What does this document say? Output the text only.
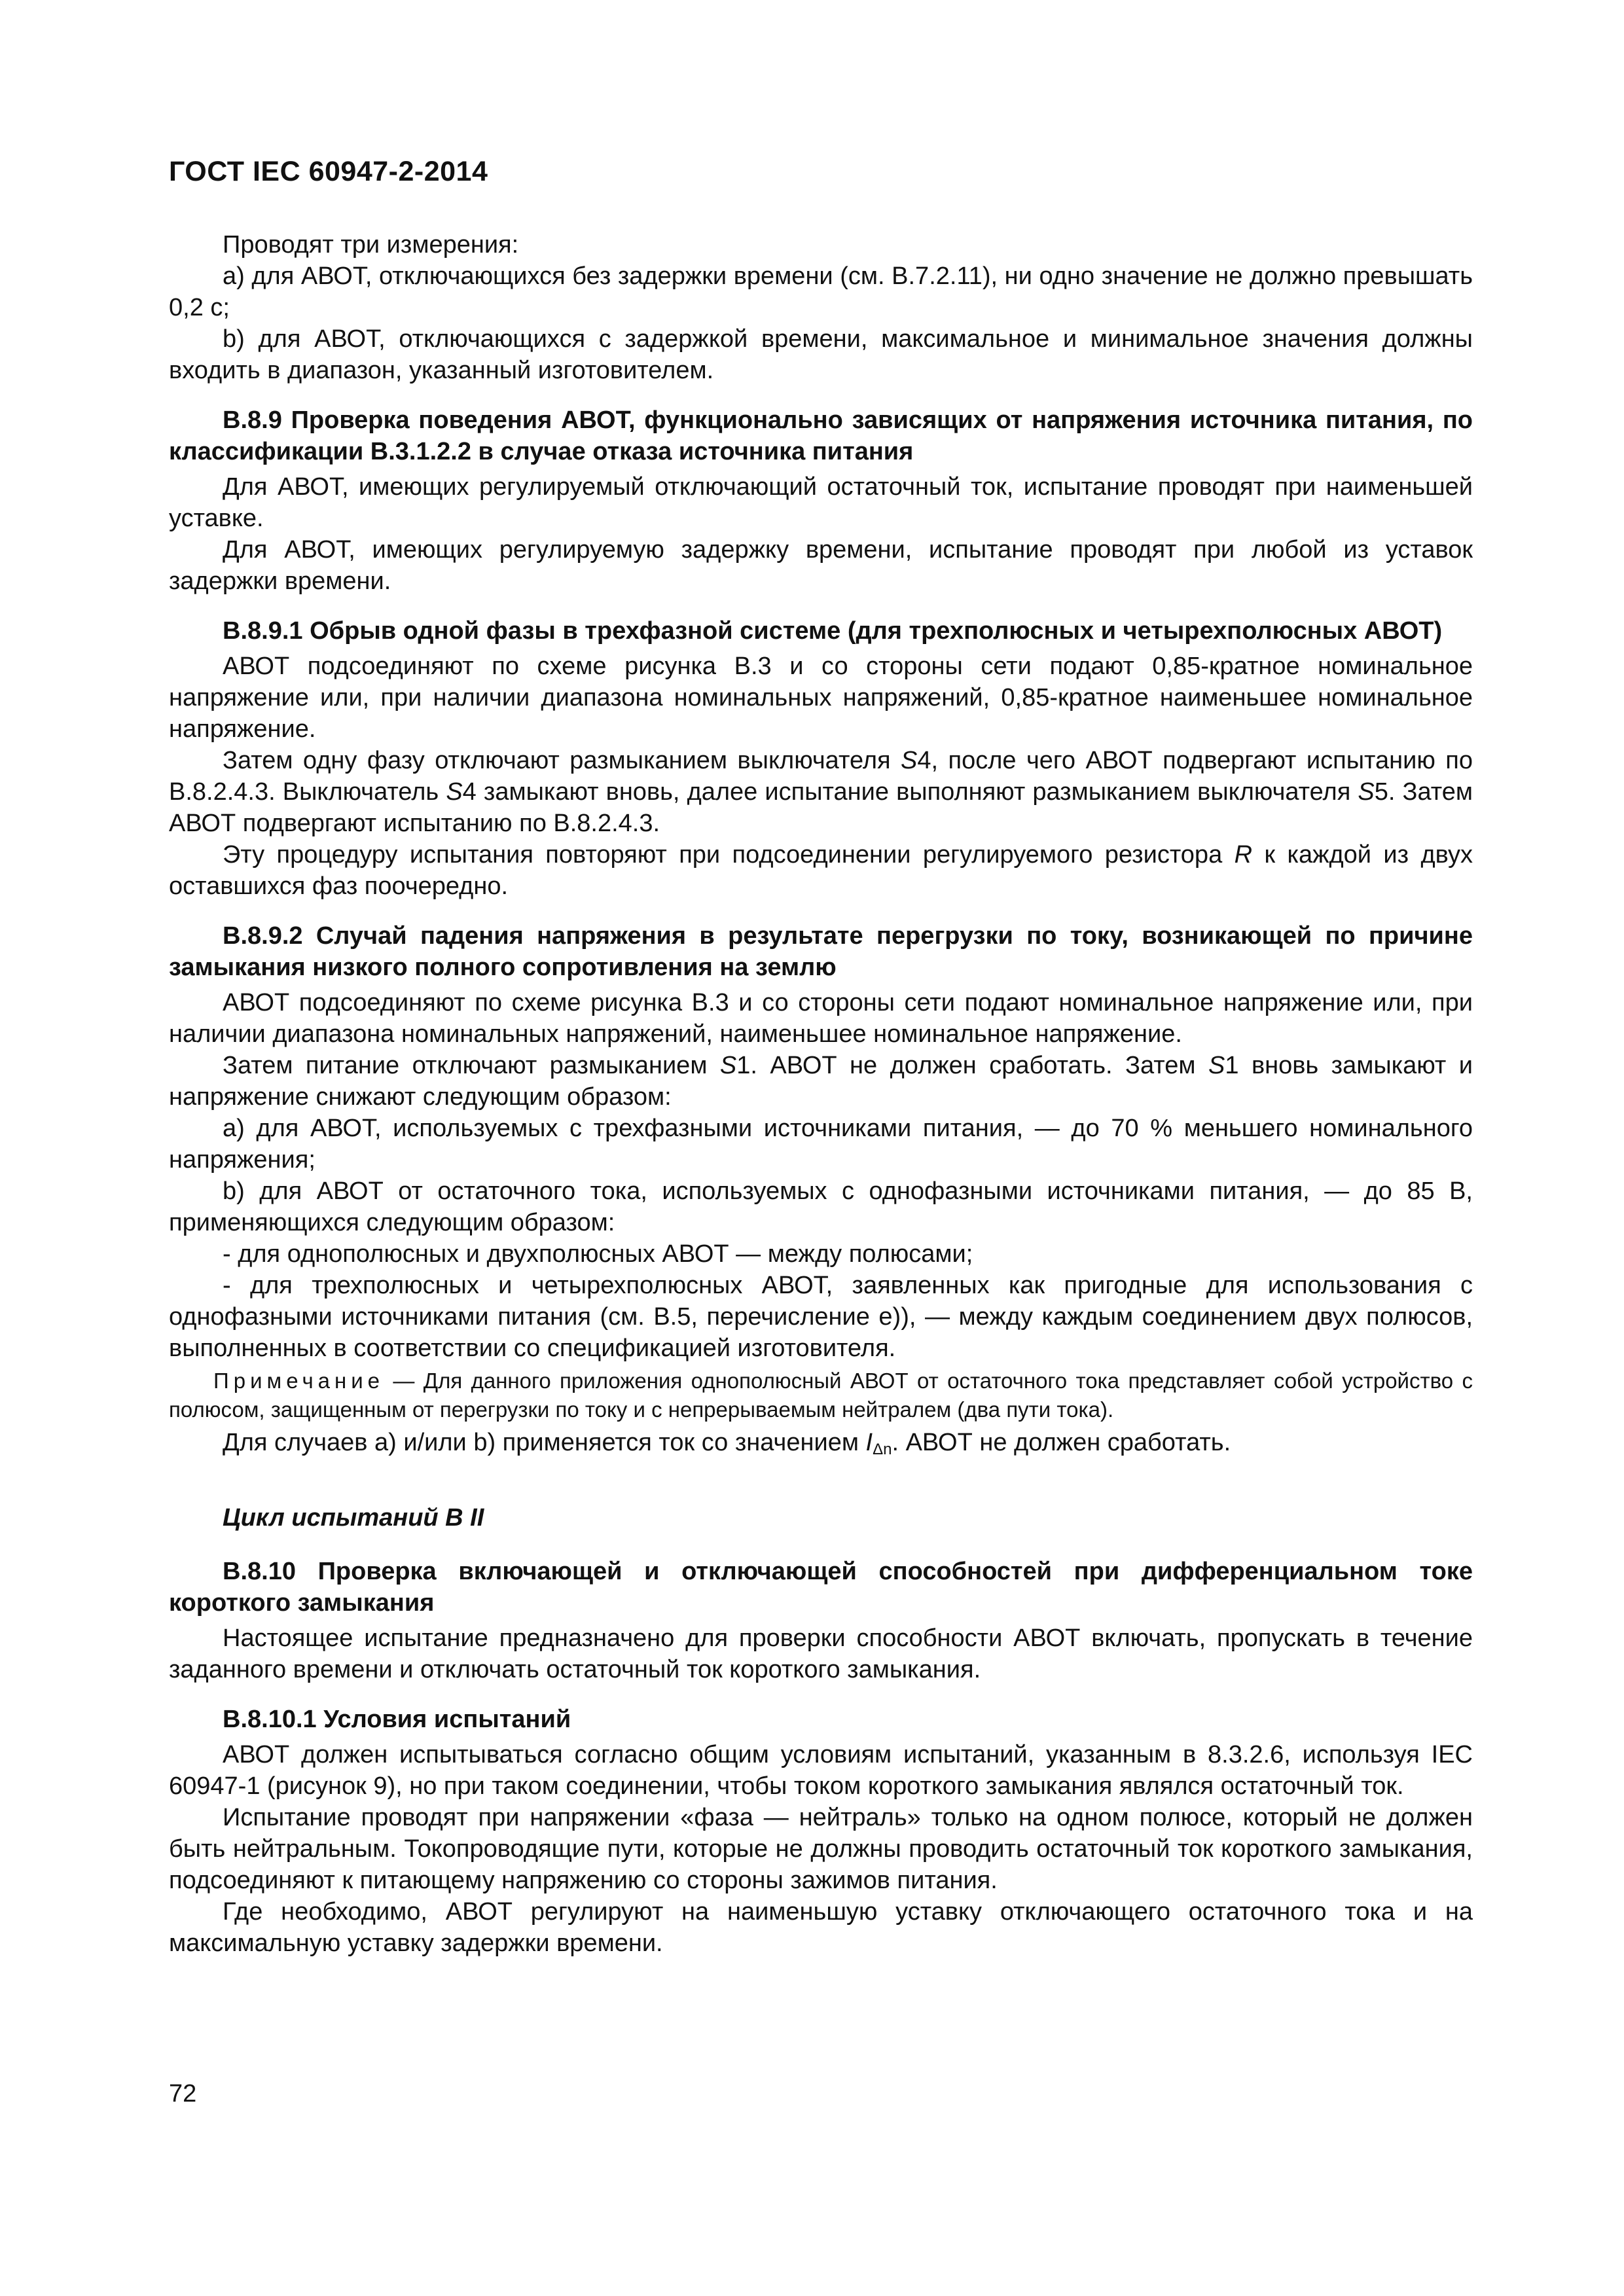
ГОСТ IEC 60947-2-2014

Проводят три измерения:

a) для АВОТ, отключающихся без задержки времени (см. В.7.2.11), ни одно значение не должно превышать 0,2 с;

b) для АВОТ, отключающихся с задержкой времени, максимальное и минимальное значения должны входить в диапазон, указанный изготовителем.

В.8.9 Проверка поведения АВОТ, функционально зависящих от напряжения источника питания, по классификации В.3.1.2.2 в случае отказа источника питания

Для АВОТ, имеющих регулируемый отключающий остаточный ток, испытание проводят при наименьшей уставке.

Для АВОТ, имеющих регулируемую задержку времени, испытание проводят при любой из уставок задержки времени.

В.8.9.1 Обрыв одной фазы в трехфазной системе (для трехполюсных и четырехполюсных АВОТ)

АВОТ подсоединяют по схеме рисунка В.3 и со стороны сети подают 0,85-кратное номинальное напряжение или, при наличии диапазона номинальных напряжений, 0,85-кратное наименьшее номинальное напряжение.

Затем одну фазу отключают размыканием выключателя S4, после чего АВОТ подвергают испытанию по В.8.2.4.3. Выключатель S4 замыкают вновь, далее испытание выполняют размыканием выключателя S5. Затем АВОТ подвергают испытанию по В.8.2.4.3.

Эту процедуру испытания повторяют при подсоединении регулируемого резистора R к каждой из двух оставшихся фаз поочередно.

В.8.9.2 Случай падения напряжения в результате перегрузки по току, возникающей по причине замыкания низкого полного сопротивления на землю

АВОТ подсоединяют по схеме рисунка В.3 и со стороны сети подают номинальное напряжение или, при наличии диапазона номинальных напряжений, наименьшее номинальное напряжение.

Затем питание отключают размыканием S1. АВОТ не должен сработать. Затем S1 вновь замыкают и напряжение снижают следующим образом:

a) для АВОТ, используемых с трехфазными источниками питания, — до 70 % меньшего номинального напряжения;

b) для АВОТ от остаточного тока, используемых с однофазными источниками питания, — до 85 В, применяющихся следующим образом:

- для однополюсных и двухполюсных АВОТ — между полюсами;

- для трехполюсных и четырехполюсных АВОТ, заявленных как пригодные для использования с однофазными источниками питания (см. В.5, перечисление е)), — между каждым соединением двух полюсов, выполненных в соответствии со спецификацией изготовителя.

Примечание — Для данного приложения однополюсный АВОТ от остаточного тока представляет собой устройство с полюсом, защищенным от перегрузки по току и с непрерываемым нейтралем (два пути тока).

Для случаев a) и/или b) применяется ток со значением $I_{\Delta n}$. АВОТ не должен сработать.

Цикл испытаний В II
В.8.10 Проверка включающей и отключающей способностей при дифференциальном токе короткого замыкания

Настоящее испытание предназначено для проверки способности АВОТ включать, пропускать в течение заданного времени и отключать остаточный ток короткого замыкания.

В.8.10.1 Условия испытаний

АВОТ должен испытываться согласно общим условиям испытаний, указанным в 8.3.2.6, используя IEC 60947-1 (рисунок 9), но при таком соединении, чтобы током короткого замыкания являлся остаточный ток.

Испытание проводят при напряжении «фаза — нейтраль» только на одном полюсе, который не должен быть нейтральным. Токопроводящие пути, которые не должны проводить остаточный ток короткого замыкания, подсоединяют к питающему напряжению со стороны зажимов питания.

Где необходимо, АВОТ регулируют на наименьшую уставку отключающего остаточного тока и на максимальную уставку задержки времени.

72
